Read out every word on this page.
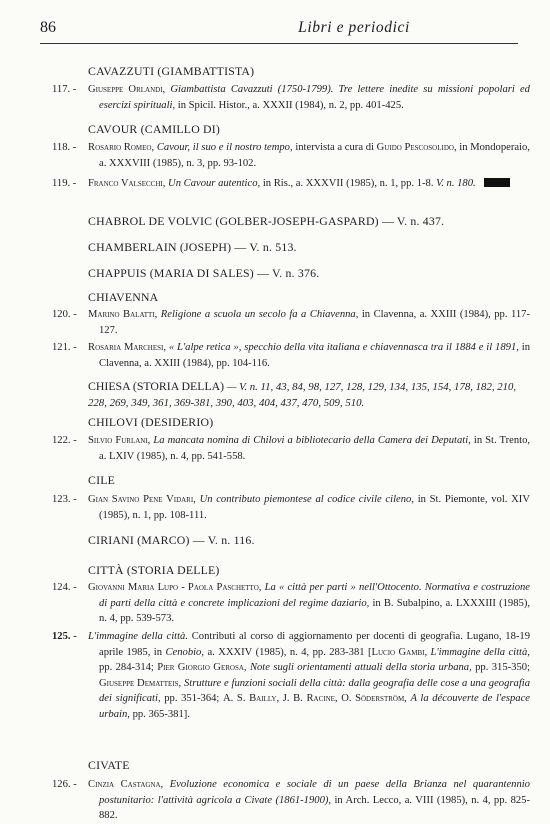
86	Libri e periodici
CAVAZZUTI (GIAMBATTISTA)
117. -	Giuseppe Orlandi, Giambattista Cavazzuti (1750-1799). Tre lettere inedite su missioni popolari ed esercizi spirituali, in Spicil. Histor., a. XXXII (1984), n. 2, pp. 401-425.
CAVOUR (CAMILLO DI)
118. -	Rosario Romeo, Cavour, il suo e il nostro tempo, intervista a cura di Guido Pescosolido, in Mondoperaio, a. XXXVIII (1985), n. 3, pp. 93-102.
119. -	Franco Valsecchi, Un Cavour autentico, in Ris., a. XXXVII (1985), n. 1, pp. 1-8. V. n. 180.
CHABROL DE VOLVIC (GOLBER-JOSEPH-GASPARD) — V. n. 437.
CHAMBERLAIN (JOSEPH) — V. n. 513.
CHAPPUIS (MARIA DI SALES) — V. n. 376.
CHIAVENNA
120. -	Marino Balatti, Religione a scuola un secolo fa a Chiavenna, in Clavenna, a. XXIII (1984), pp. 117-127.
121. -	Rosaria Marchesi, « L'alpe retica », specchio della vita italiana e chiavennasca tra il 1884 e il 1891, in Clavenna, a. XXIII (1984), pp. 104-116.
CHIESA (STORIA DELLA) — V. n. 11, 43, 84, 98, 127, 128, 129, 134, 135, 154, 178, 182, 210, 228, 269, 349, 361, 369-381, 390, 403, 404, 437, 470, 509, 510.
CHILOVI (DESIDERIO)
122. -	Silvio Furlani, La mancata nomina di Chilovi a bibliotecario della Camera dei Deputati, in St. Trento, a. LXIV (1985), n. 4, pp. 541-558.
CILE
123. -	Gian Savino Pene Vidari, Un contributo piemontese al codice civile cileno, in St. Piemonte, vol. XIV (1985), n. 1, pp. 108-111.
CIRIANI (MARCO) — V. n. 116.
CITTÀ (STORIA DELLE)
124. -	Giovanni Maria Lupo - Paola Paschetto, La « città per parti » nell'Ottocento. Normativa e costruzione di parti della città e concrete implicazioni del regime daziario, in B. Subalpino, a. LXXXIII (1985), n. 4, pp. 539-573.
125. -	L'immagine della città. Contributi al corso di aggiornamento per docenti di geografia. Lugano, 18-19 aprile 1985, in Cenobio, a. XXXIV (1985), n. 4, pp. 283-381 [Lucio Gambi, L'immagine della città, pp. 284-314; Pier Giorgio Gerosa, Note sugli orientamenti attuali della storia urbana, pp. 315-350; Giuseppe Dematteis, Strutture e funzioni sociali della città: dalla geografia delle cose a una geografia dei significati, pp. 351-364; A. S. Bailly, J. B. Racine, O. Söderström, A la découverte de l'espace urbain, pp. 365-381].
CIVATE
126. -	Cinzia Castagna, Evoluzione economica e sociale di un paese della Brianza nel quarantennio postunitario: l'attività agricola a Civate (1861-1900), in Arch. Lecco, a. VIII (1985), n. 4, pp. 825-882.
